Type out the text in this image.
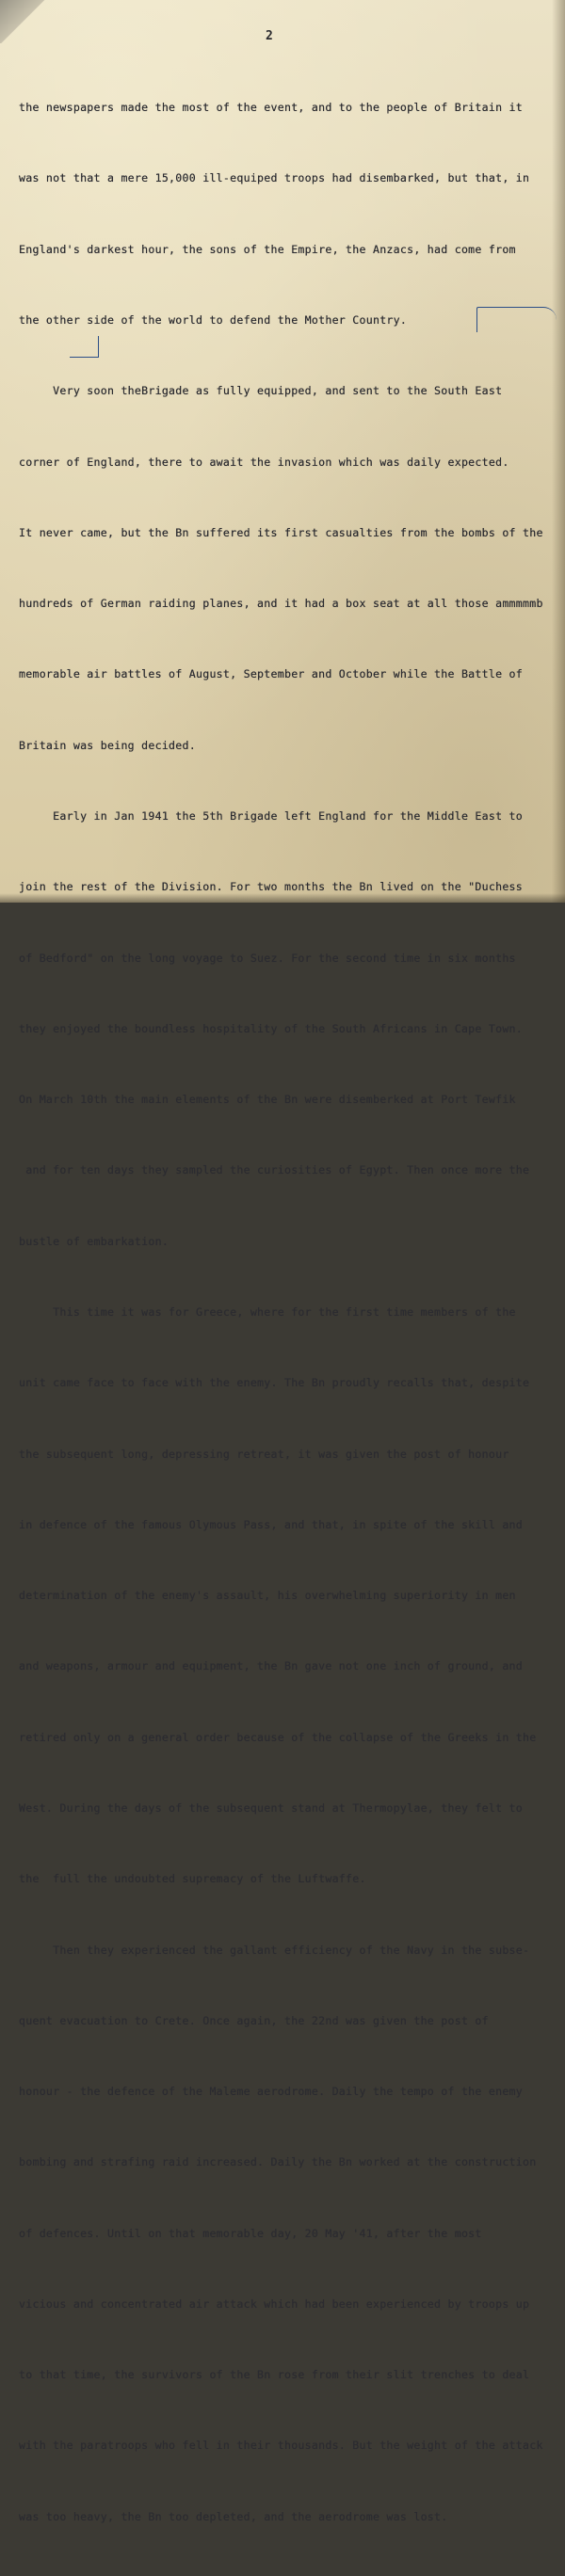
2

the newspapers made the most of the event, and to the people of Britain it

was not that a mere 15,000 ill-equiped troops had disembarked, but that, in

England's darkest hour, the sons of the Empire, the Anzacs, had come from

the other side of the world to defend the Mother Country.

Very soon theBrigade as fully equipped, and sent to the South East

corner of England, there to await the invasion which was daily expected.

It never came, but the Bn suffered its first casualties from the bombs of the

hundreds of German raiding planes, and it had a box seat at all those ammmmmb

memorable air battles of August, September and October while the Battle of

Britain was being decided.

Early in Jan 1941 the 5th Brigade left England for the Middle East to

join the rest of the Division. For two months the Bn lived on the "Duchess

of Bedford" on the long voyage to Suez. For the second time in six months

they enjoyed the boundless hospitality of the South Africans in Cape Town.

On March 10th the main elements of the Bn were disemberked at Port Tewfik

and for ten days they sampled the curiosities of Egypt. Then once more the

bustle of embarkation.

This time it was for Greece, where for the first time members of the

unit came face to face with the enemy. The Bn proudly recalls that, despite

the subsequent long, depressing retreat, it was given the post of honour

in defence of the famous Olymous Pass, and that, in spite of the skill and

determination of the enemy's assault, his overwhelming superiority in men

and weapons, armour and equipment, the Bn gave not one inch of ground, and

retired only on a general order because of the collapse of the Greeks in the

West. During the days of the subsequent stand at Thermopylae, they felt to

the  full the undoubted supremacy of the Luftwaffe.

Then they experienced the gallant efficiency of the Navy in the subse-

quent evacuation to Crete. Once again, the 22nd was given the post of

honour - the defence of the Maleme aerodrome. Daily the tempo of the enemy

bombing and strafing raid increased. Daily the Bn worked at the construction

of defences. Until on that memorable day, 20 May '41, after the most

vicious and concentrated air attack which had been experienced by troops up

to that time, the survivors of the Bn rose from their slit trenches to deal

with the paratroops who fell in their thousands. But the weight of the attack

was too heavy, the Bn too depleted, and the aerodrome was lost.
